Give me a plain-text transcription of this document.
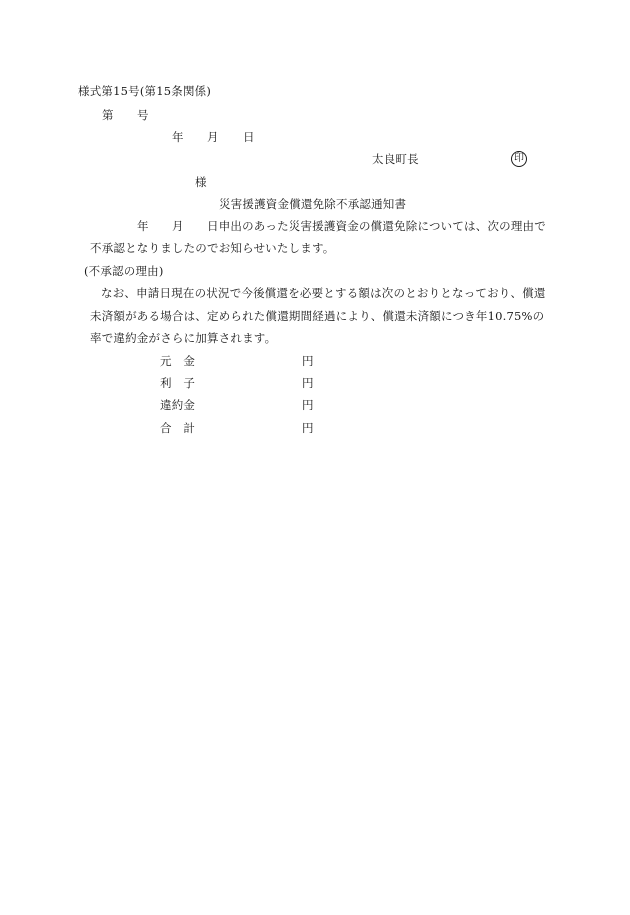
様式第15号(第15条関係)
第 号
年 月 日
太良町長	印
様
災害援護資金償還免除不承認通知書
年 月 日申出のあった災害援護資金の償還免除については、次の理由で
不承認となりましたのでお知らせいたします。
(不承認の理由)
なお、申請日現在の状況で今後償還を必要とする額は次のとおりとなっており、償還
未済額がある場合は、定められた償還期間経過により、償還未済額につき年10.75%の
率で違約金がさらに加算されます。
元　金	円
利　子	円
違約金	円
合　計	円
